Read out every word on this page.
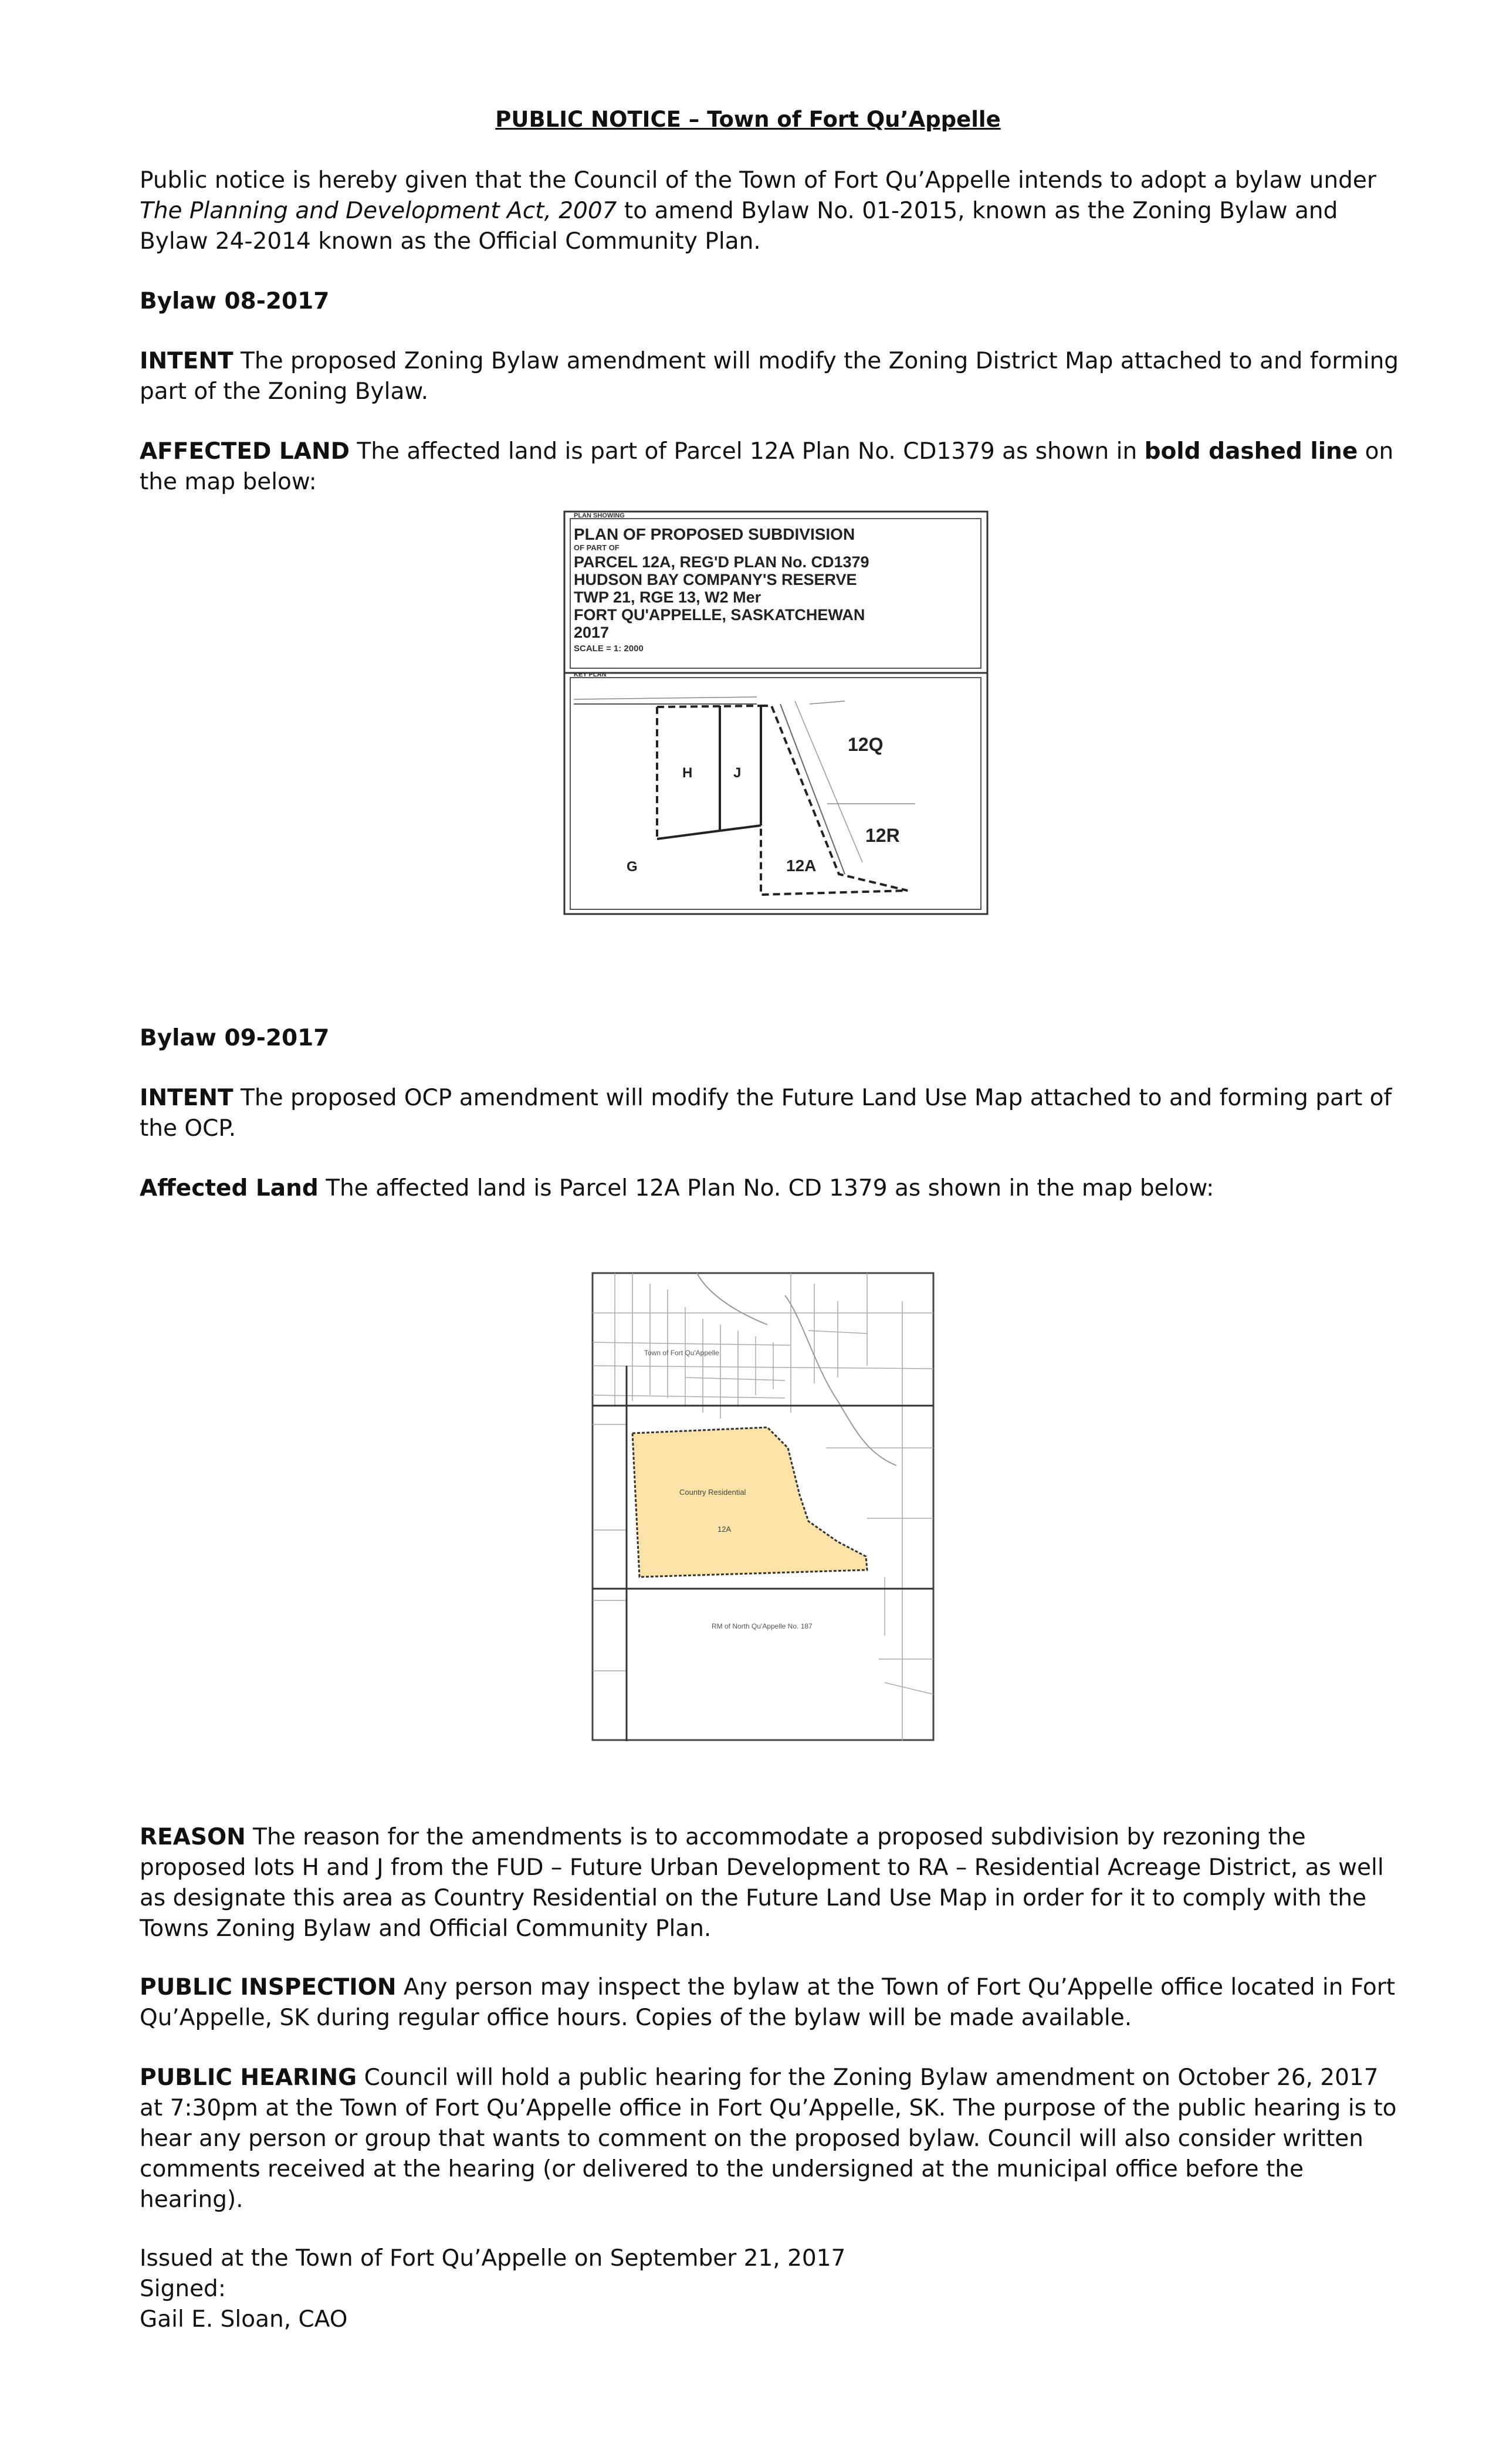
PUBLIC NOTICE – Town of Fort Qu’Appelle
Public notice is hereby given that the Council of the Town of Fort Qu’Appelle intends to adopt a bylaw under The Planning and Development Act, 2007 to amend Bylaw No. 01-2015, known as the Zoning Bylaw and Bylaw 24-2014 known as the Official Community Plan.
Bylaw 08-2017
INTENT The proposed Zoning Bylaw amendment will modify the Zoning District Map attached to and forming part of the Zoning Bylaw.
AFFECTED LAND The affected land is part of Parcel 12A Plan No. CD1379 as shown in bold dashed line on the map below:
PLAN SHOWING
PLAN OF PROPOSED SUBDIVISION
OF PART OF
PARCEL 12A, REG'D PLAN No. CD1379
HUDSON BAY COMPANY'S RESERVE
TWP 21, RGE 13, W2 Mer
FORT QU'APPELLE, SASKATCHEWAN
2017
SCALE = 1: 2000
KEY PLAN
H	J
12Q
12R
G	12A
Bylaw 09-2017
INTENT The proposed OCP amendment will modify the Future Land Use Map attached to and forming part of the OCP.
Affected Land The affected land is Parcel 12A Plan No. CD 1379 as shown in the map below:
Town of Fort Qu'Appelle
Country Residential
12A
RM of North Qu'Appelle No. 187
REASON The reason for the amendments is to accommodate a proposed subdivision by rezoning the proposed lots H and J from the FUD – Future Urban Development to RA – Residential Acreage District, as well as designate this area as Country Residential on the Future Land Use Map in order for it to comply with the Towns Zoning Bylaw and Official Community Plan.
PUBLIC INSPECTION Any person may inspect the bylaw at the Town of Fort Qu’Appelle office located in Fort Qu’Appelle, SK during regular office hours. Copies of the bylaw will be made available.
PUBLIC HEARING Council will hold a public hearing for the Zoning Bylaw amendment on October 26, 2017 at 7:30pm at the Town of Fort Qu’Appelle office in Fort Qu’Appelle, SK. The purpose of the public hearing is to hear any person or group that wants to comment on the proposed bylaw. Council will also consider written comments received at the hearing (or delivered to the undersigned at the municipal office before the hearing).
Issued at the Town of Fort Qu’Appelle on September 21, 2017
Signed:
Gail E. Sloan, CAO
